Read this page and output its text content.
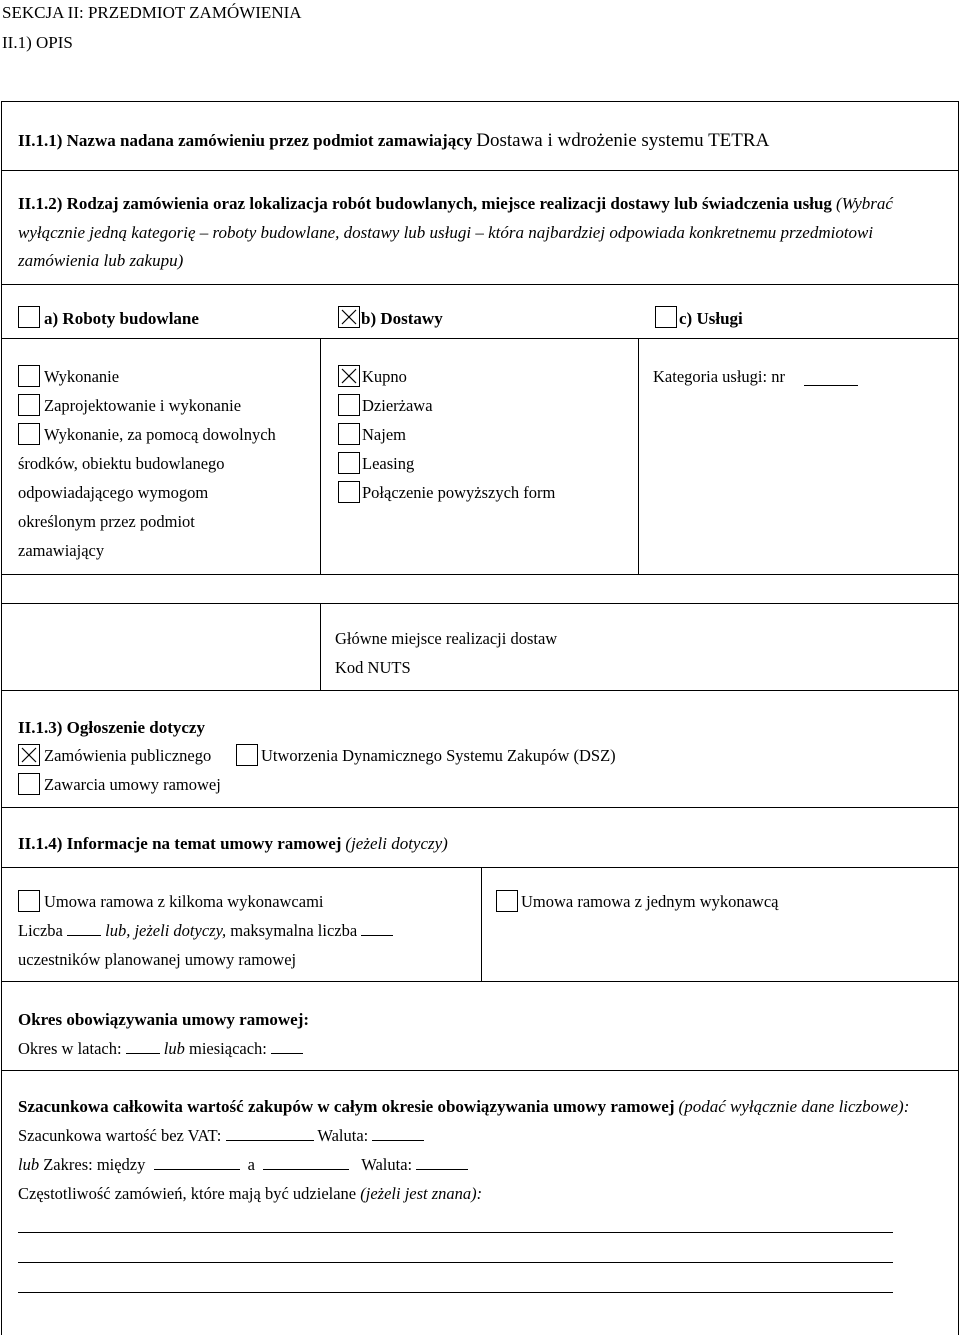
SEKCJA II: PRZEDMIOT ZAMÓWIENIA
II.1) OPIS
II.1.1) Nazwa nadana zamówieniu przez podmiot zamawiający Dostawa i wdrożenie systemu TETRA
II.1.2) Rodzaj zamówienia oraz lokalizacja robót budowlanych, miejsce realizacji dostawy lub świadczenia usług (Wybrać
wyłącznie jedną kategorię – roboty budowlane, dostawy lub usługi – która najbardziej odpowiada konkretnemu przedmiotowi
zamówienia lub zakupu)
a) Roboty budowlane	b) Dostawy	c) Usługi
Wykonanie
Zaprojektowanie i wykonanie
Wykonanie, za pomocą dowolnych
środków, obiektu budowlanego
odpowiadającego wymogom
określonym przez podmiot
zamawiający
Kupno
Dzierżawa
Najem
Leasing
Połączenie powyższych form
Kategoria usługi: nr
Główne miejsce realizacji dostaw
Kod NUTS
II.1.3) Ogłoszenie dotyczy
Zamówienia publicznego	Utworzenia Dynamicznego Systemu Zakupów (DSZ)
Zawarcia umowy ramowej
II.1.4) Informacje na temat umowy ramowej (jeżeli dotyczy)
Umowa ramowa z kilkoma wykonawcami	Umowa ramowa z jednym wykonawcą
Liczba	lub, jeżeli dotyczy, maksymalna liczba
uczestników planowanej umowy ramowej
Okres obowiązywania umowy ramowej:
Okres w latach:	lub miesiącach:
Szacunkowa całkowita wartość zakupów w całym okresie obowiązywania umowy ramowej (podać wyłącznie dane liczbowe):
Szacunkowa wartość bez VAT:	Waluta:
lub Zakres: między	a	Waluta:
Częstotliwość zamówień, które mają być udzielane (jeżeli jest znana):
